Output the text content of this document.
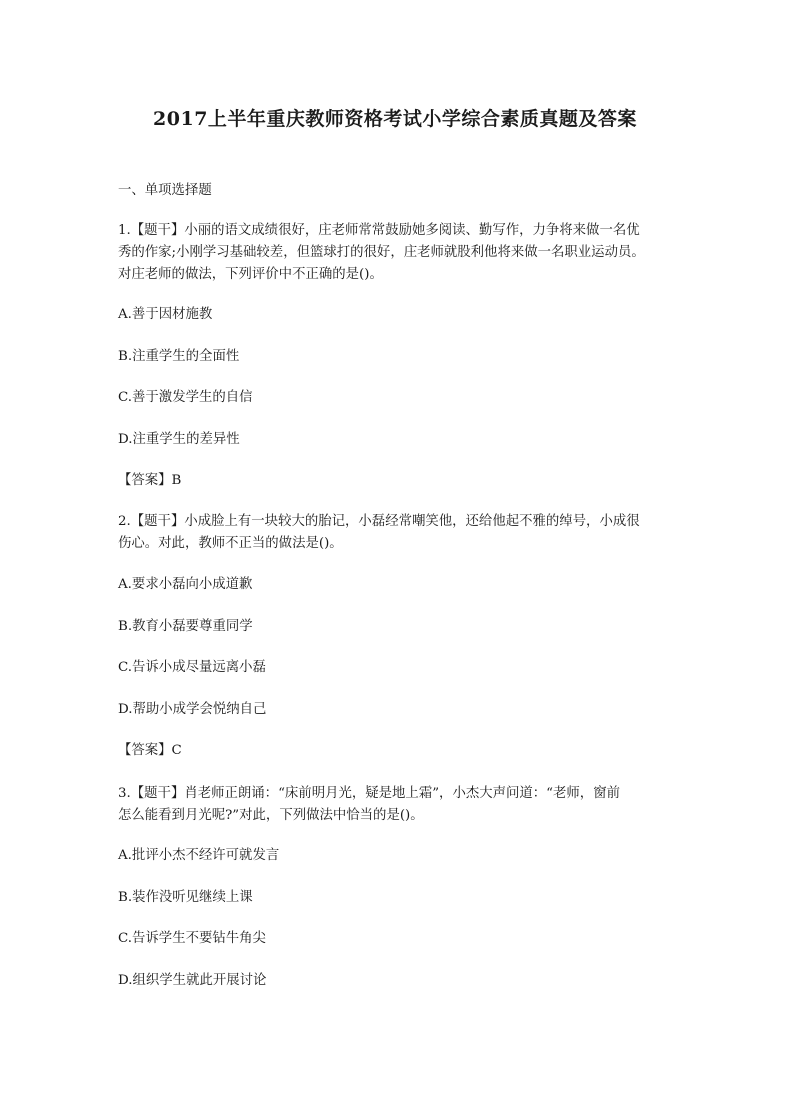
2017上半年重庆教师资格考试小学综合素质真题及答案
一、单项选择题
1.【题干】小丽的语文成绩很好，庄老师常常鼓励她多阅读、勤写作，力争将来做一名优
秀的作家;小刚学习基础较差，但篮球打的很好，庄老师就股利他将来做一名职业运动员。
对庄老师的做法，下列评价中不正确的是()。
A.善于因材施教
B.注重学生的全面性
C.善于激发学生的自信
D.注重学生的差异性
【答案】B
2.【题干】小成脸上有一块较大的胎记，小磊经常嘲笑他，还给他起不雅的绰号，小成很
伤心。对此，教师不正当的做法是()。
A.要求小磊向小成道歉
B.教育小磊要尊重同学
C.告诉小成尽量远离小磊
D.帮助小成学会悦纳自己
【答案】C
3.【题干】肖老师正朗诵：“床前明月光，疑是地上霜”，小杰大声问道：“老师，窗前
怎么能看到月光呢?”对此，下列做法中恰当的是()。
A.批评小杰不经许可就发言
B.装作没听见继续上课
C.告诉学生不要钻牛角尖
D.组织学生就此开展讨论
